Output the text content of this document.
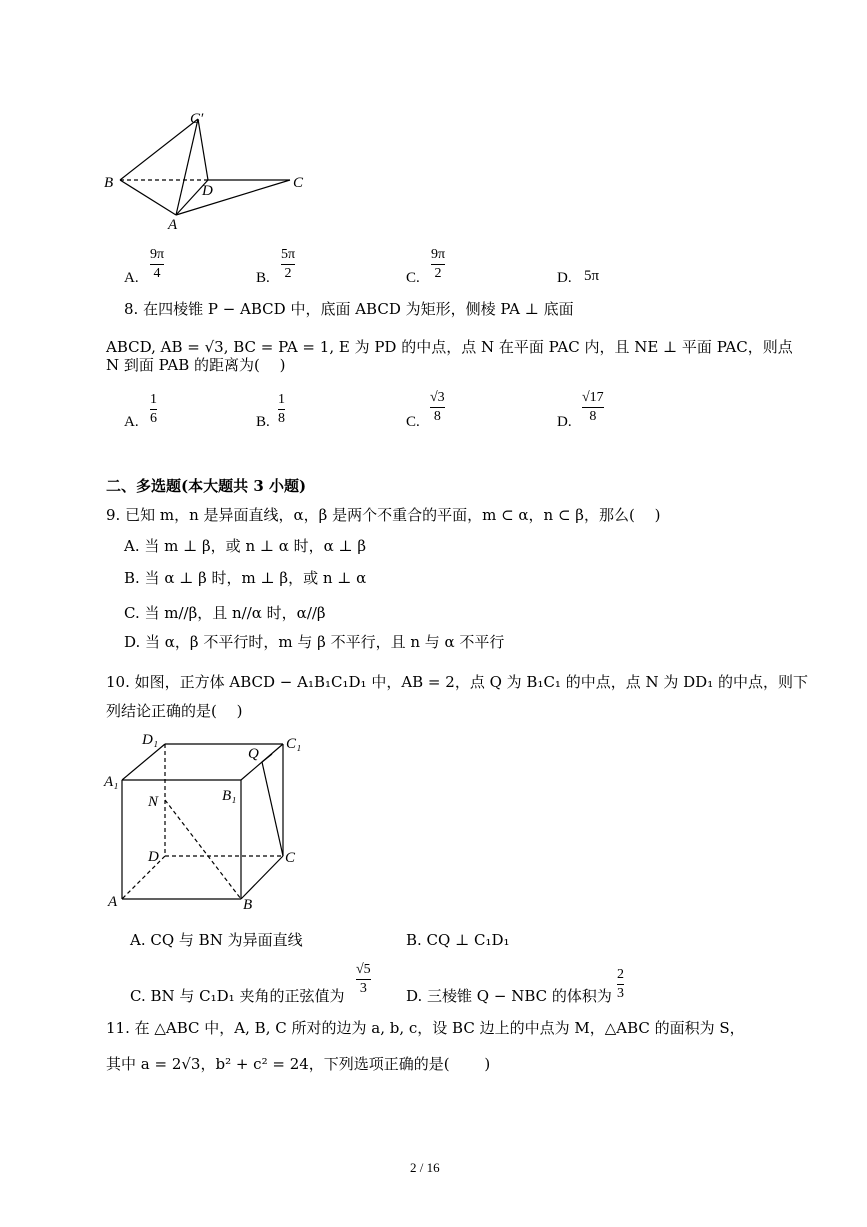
C′
B	D	C
A
A.
9π
4	B.
5π
2	C.
9π
2	D. 5π
8. 在四棱锥 P − ABCD 中，底面 ABCD 为矩形，侧棱 PA ⊥ 底面
ABCD, AB = √3, BC = PA = 1, E 为 PD 的中点，点 N 在平面 PAC 内，且 NE ⊥ 平面 PAC，则点
N 到面 PAB 的距离为(　 )
A.
1
6	B.
1
8	C.
√3
8	D.
√17
8
二、多选题(本大题共 3 小题)
9. 已知 m，n 是异面直线，α，β 是两个不重合的平面，m ⊂ α，n ⊂ β，那么(　 )
A. 当 m ⊥ β，或 n ⊥ α 时，α ⊥ β
B. 当 α ⊥ β 时，m ⊥ β，或 n ⊥ α
C. 当 m//β，且 n//α 时，α//β
D. 当 α，β 不平行时，m 与 β 不平行，且 n 与 α 不平行
10. 如图，正方体 ABCD − A₁B₁C₁D₁ 中，AB = 2，点 Q 为 B₁C₁ 的中点，点 N 为 DD₁ 的中点，则下
列结论正确的是(　 )
D₁	C₁
Q
A₁
B₁
N
D	C
A	B
A. CQ 与 BN 为异面直线	B. CQ ⊥ C₁D₁
C. BN 与 C₁D₁ 夹角的正弦值为
√5
3	D. 三棱锥 Q − NBC 的体积为
2
3
11. 在 △ABC 中，A, B, C 所对的边为 a, b, c，设 BC 边上的中点为 M，△ABC 的面积为 S，
其中 a = 2√3，b² + c² = 24，下列选项正确的是(　　 )
2 / 16
